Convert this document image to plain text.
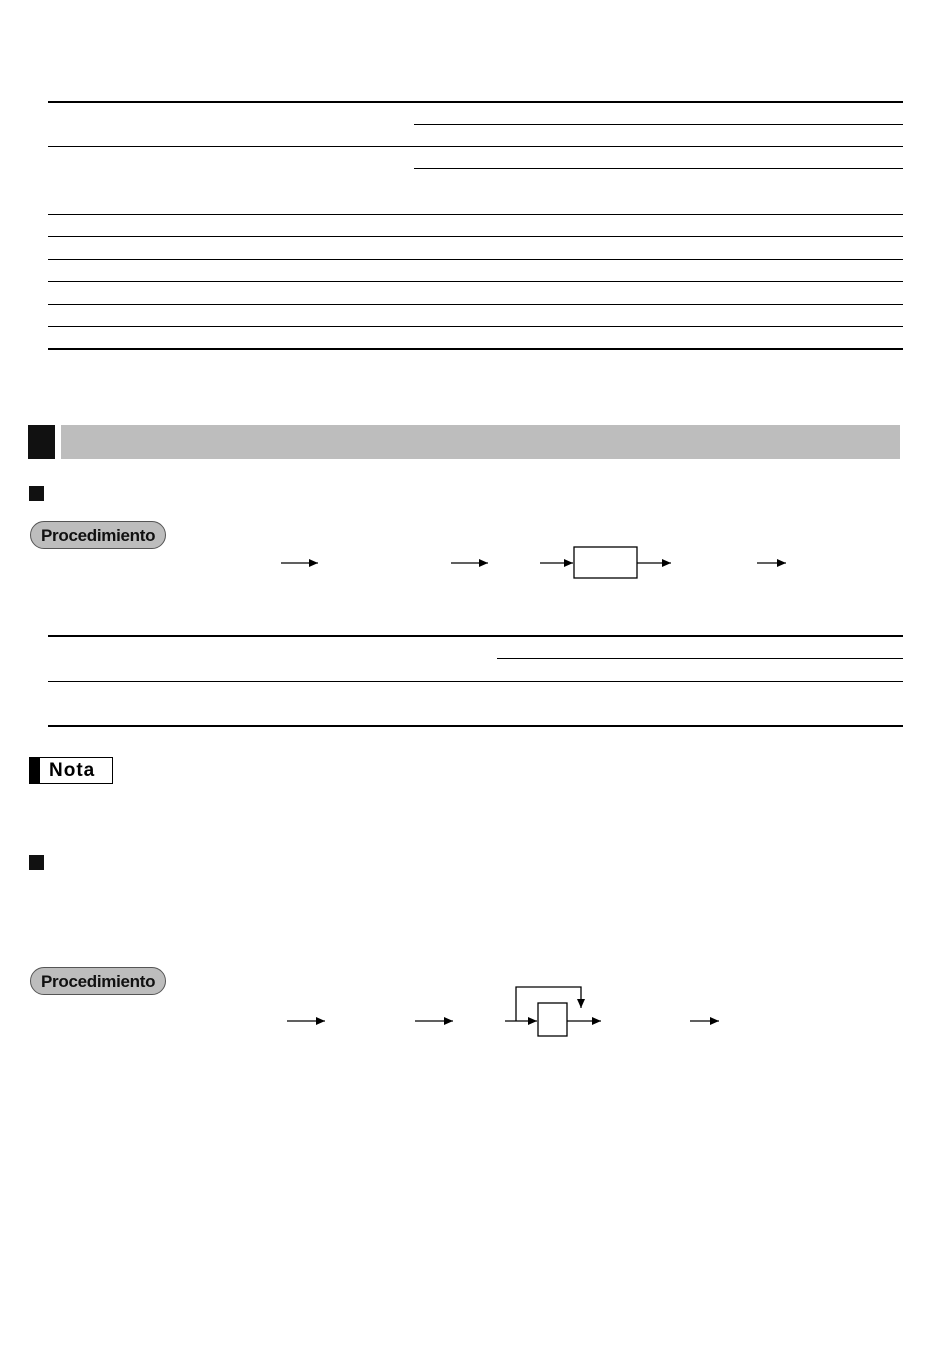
Procedimiento
Nota
Procedimiento
